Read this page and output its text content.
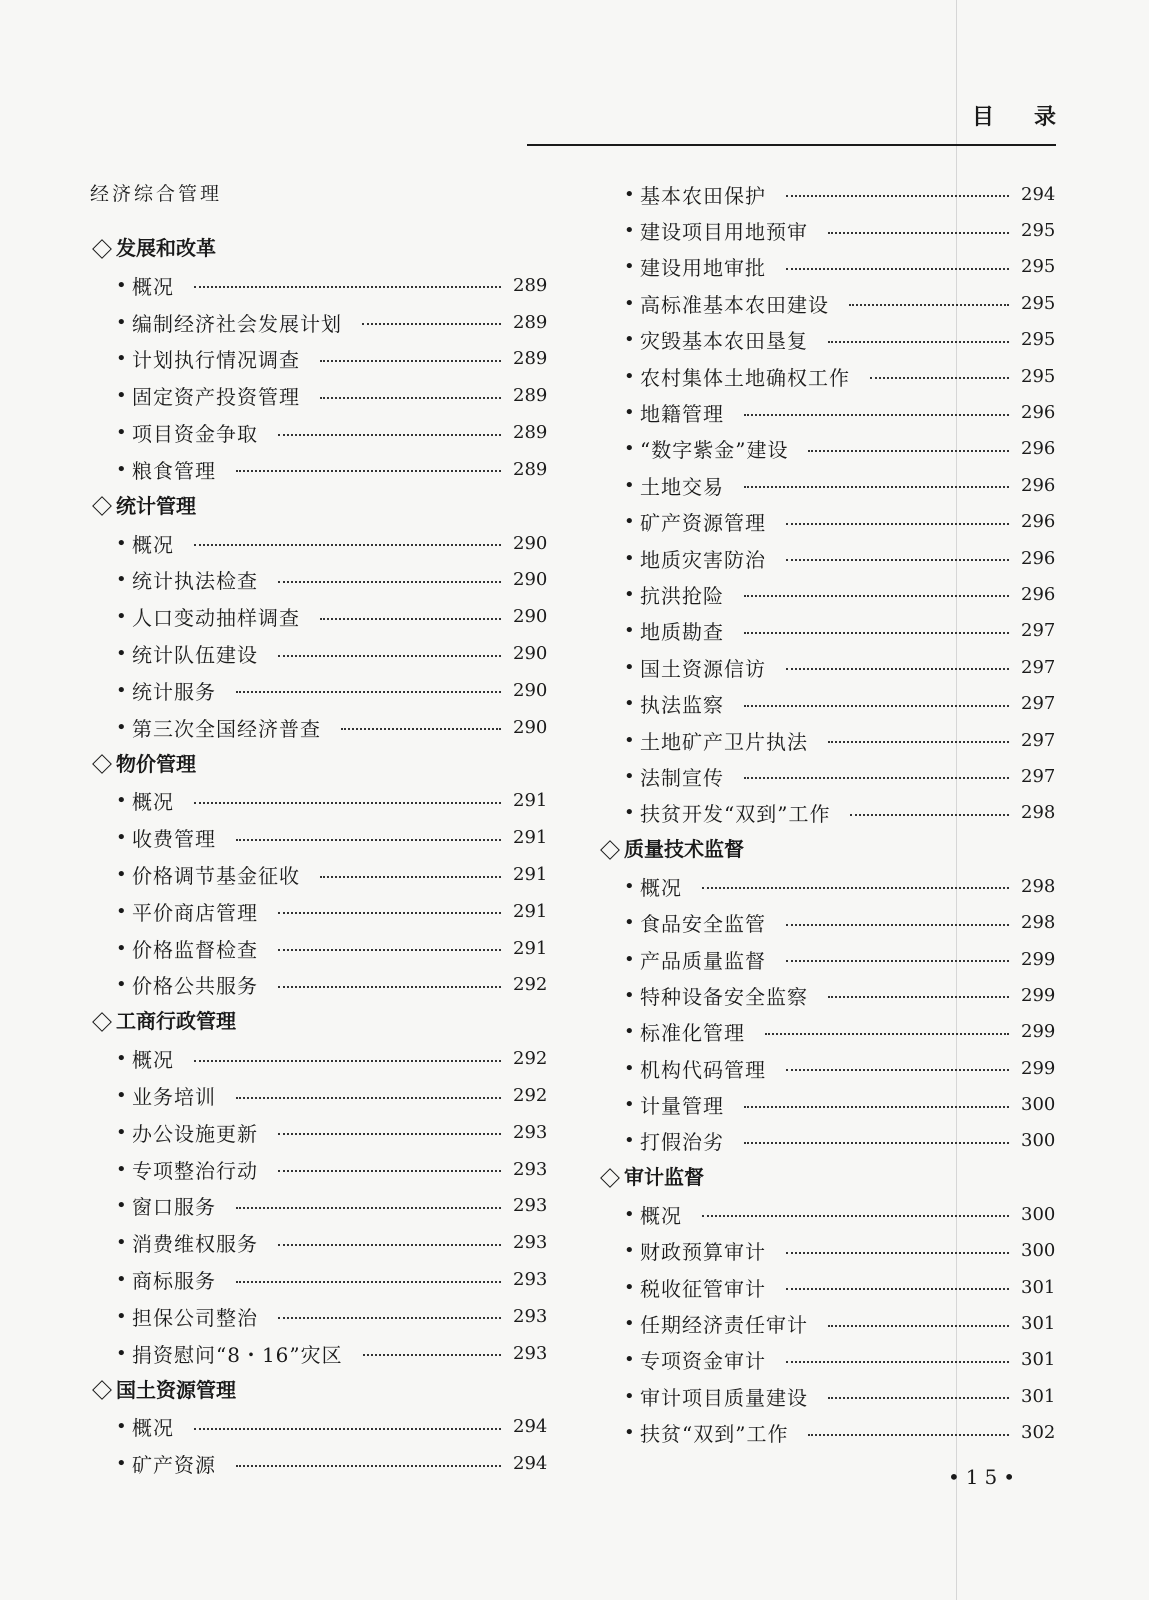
目录
经济综合管理
发展和改革
• 概况	289
• 编制经济社会发展计划	289
• 计划执行情况调查	289
• 固定资产投资管理	289
• 项目资金争取	289
• 粮食管理	289
统计管理
• 概况	290
• 统计执法检查	290
• 人口变动抽样调查	290
• 统计队伍建设	290
• 统计服务	290
• 第三次全国经济普查	290
物价管理
• 概况	291
• 收费管理	291
• 价格调节基金征收	291
• 平价商店管理	291
• 价格监督检查	291
• 价格公共服务	292
工商行政管理
• 概况	292
• 业务培训	292
• 办公设施更新	293
• 专项整治行动	293
• 窗口服务	293
• 消费维权服务	293
• 商标服务	293
• 担保公司整治	293
• 捐资慰问“8・16”灾区	293
国土资源管理
• 概况	294
• 矿产资源	294
• 基本农田保护	294
• 建设项目用地预审	295
• 建设用地审批	295
• 高标准基本农田建设	295
• 灾毁基本农田垦复	295
• 农村集体土地确权工作	295
• 地籍管理	296
• “数字紫金”建设	296
• 土地交易	296
• 矿产资源管理	296
• 地质灾害防治	296
• 抗洪抢险	296
• 地质勘查	297
• 国土资源信访	297
• 执法监察	297
• 土地矿产卫片执法	297
• 法制宣传	297
• 扶贫开发“双到”工作	298
质量技术监督
• 概况	298
• 食品安全监管	298
• 产品质量监督	299
• 特种设备安全监察	299
• 标准化管理	299
• 机构代码管理	299
• 计量管理	300
• 打假治劣	300
审计监督
• 概况	300
• 财政预算审计	300
• 税收征管审计	301
• 任期经济责任审计	301
• 专项资金审计	301
• 审计项目质量建设	301
• 扶贫“双到”工作	302
•15•
